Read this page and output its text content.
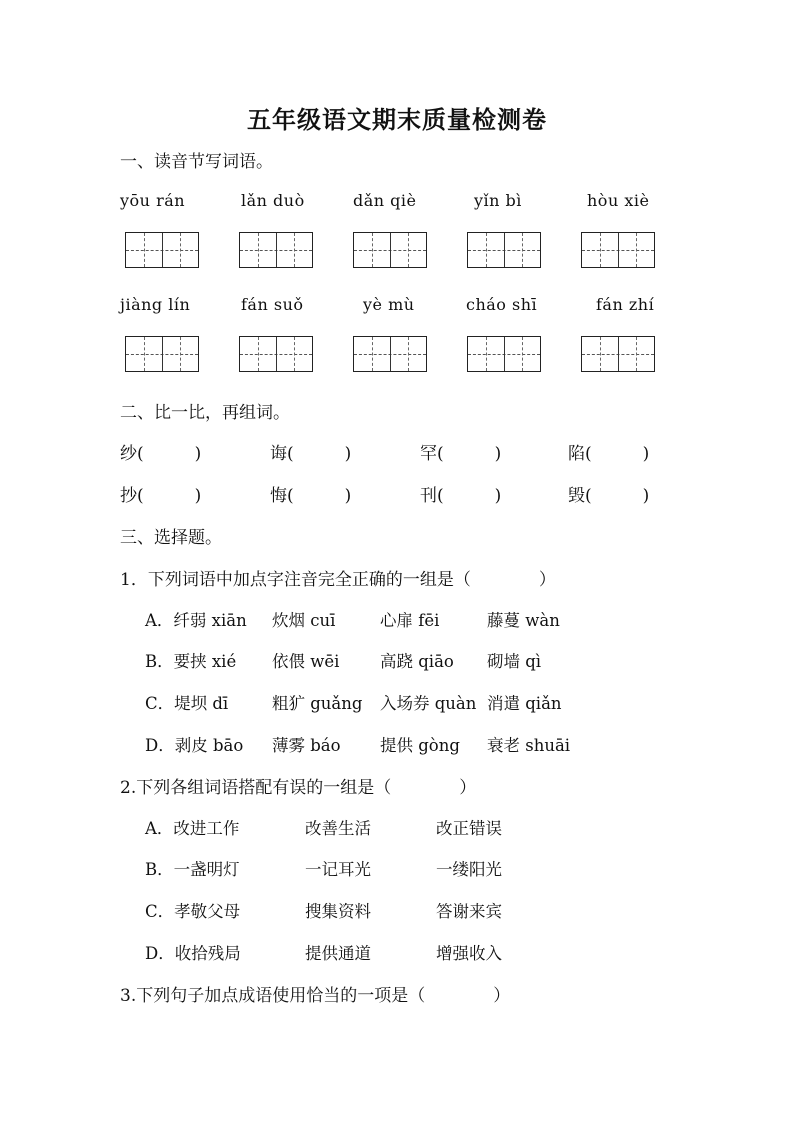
五年级语文期末质量检测卷
一、读音节写词语。
yōu rán	lǎn duò	dǎn qiè	yǐn bì	hòu xiè
jiàng lín	fán suǒ	yè mù	cháo shī	fán zhí
二、比一比，再组词。
纱(　　　)	诲(　　　)	罕(　　　)	陷(　　　)
抄(　　　)	悔(　　　)	刊(　　　)	毁(　　　)
三、选择题。
1．下列词语中加点字注音完全正确的一组是（　　　　）
A．纤弱 xiān 炊烟 cuī	心扉 fēi	藤蔓 wàn
B．要挟 xié 依偎 wēi 高跷 qiāo 砌墙 qì
C．堤坝 dī	粗犷 guǎng 入场券 quàn 消遣 qiǎn
D．剥皮 bāo 薄雾 báo 提供 gòng 衰老 shuāi
2.下列各组词语搭配有误的一组是（　　　　）
A．改进工作	改善生活	改正错误
B．一盏明灯	一记耳光	一缕阳光
C．孝敬父母	搜集资料	答谢来宾
D．收拾残局	提供通道	增强收入
3.下列句子加点成语使用恰当的一项是（　　　　）
